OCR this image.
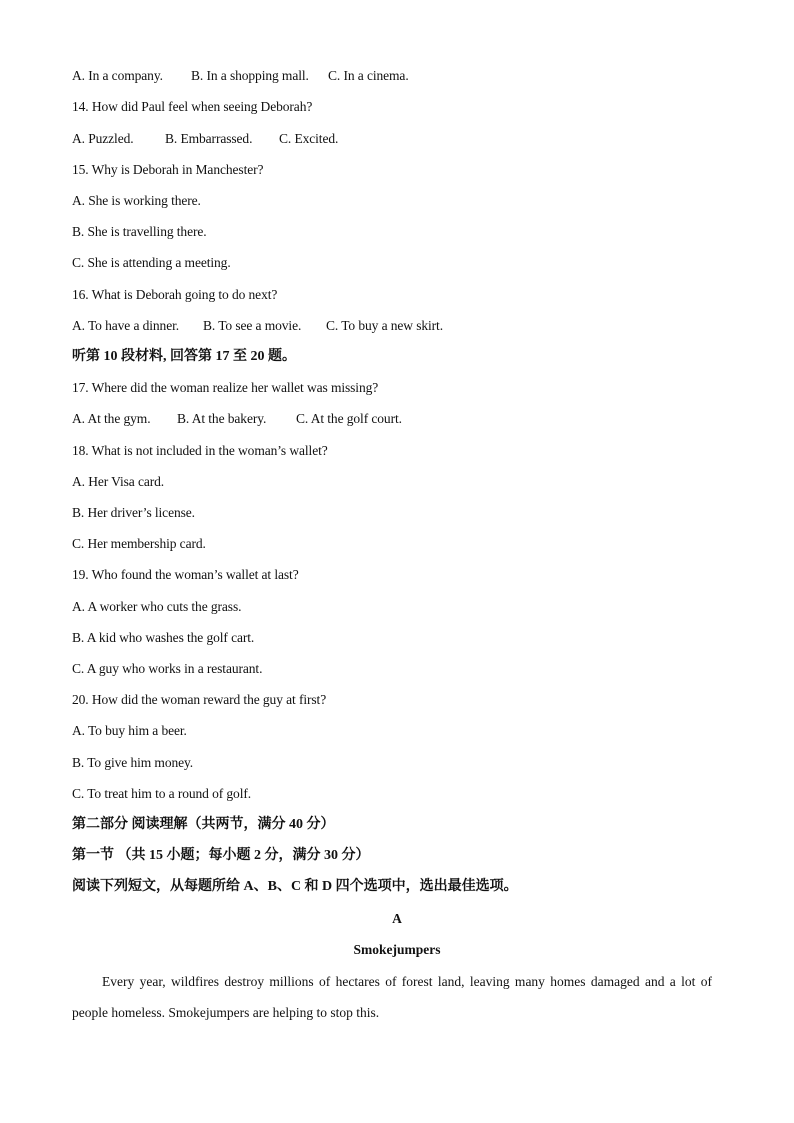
A. In a company. B. In a shopping mall. C. In a cinema.
14. How did Paul feel when seeing Deborah?
A. Puzzled. B. Embarrassed. C. Excited.
15. Why is Deborah in Manchester?
A. She is working there.
B. She is travelling there.
C. She is attending a meeting.
16. What is Deborah going to do next?
A. To have a dinner. B. To see a movie. C. To buy a new skirt.
听第 10 段材料, 回答第 17 至 20 题。
17. Where did the woman realize her wallet was missing?
A. At the gym. B. At the bakery. C. At the golf court.
18. What is not included in the woman’s wallet?
A. Her Visa card.
B. Her driver’s license.
C. Her membership card.
19. Who found the woman’s wallet at last?
A. A worker who cuts the grass.
B. A kid who washes the golf cart.
C. A guy who works in a restaurant.
20. How did the woman reward the guy at first?
A. To buy him a beer.
B. To give him money.
C. To treat him to a round of golf.
第二部分 阅读理解（共两节，满分 40 分）
第一节 （共 15 小题；每小题 2 分，满分 30 分）
阅读下列短文，从每题所给 A、B、C 和 D 四个选项中，选出最佳选项。
A
Smokejumpers
Every year, wildfires destroy millions of hectares of forest land, leaving many homes damaged and a lot of people homeless. Smokejumpers are helping to stop this.
